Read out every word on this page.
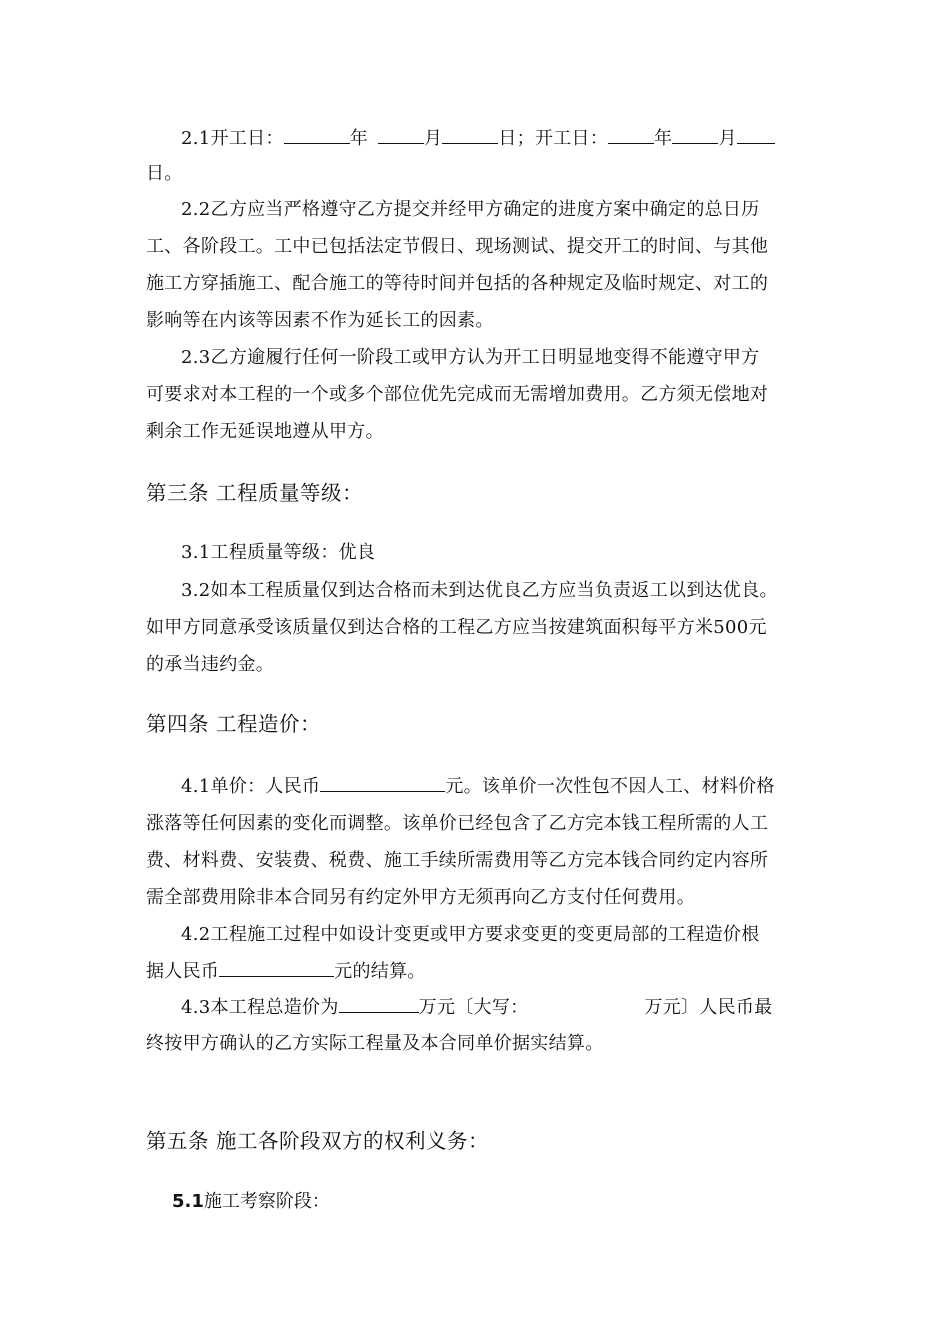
2.1开工日：	年	月	日；开工日：	年	月
日。
2.2乙方应当严格遵守乙方提交并经甲方确定的进度方案中确定的总日历
工、各阶段工。工中已包括法定节假日、现场测试、提交开工的时间、与其他
施工方穿插施工、配合施工的等待时间并包括的各种规定及临时规定、对工的
影响等在内该等因素不作为延长工的因素。
2.3乙方逾履行任何一阶段工或甲方认为开工日明显地变得不能遵守甲方
可要求对本工程的一个或多个部位优先完成而无需增加费用。乙方须无偿地对
剩余工作无延误地遵从甲方。
第三条 工程质量等级：
3.1工程质量等级：优良
3.2如本工程质量仅到达合格而未到达优良乙方应当负责返工以到达优良。
如甲方同意承受该质量仅到达合格的工程乙方应当按建筑面积每平方米500元
的承当违约金。
第四条 工程造价：
4.1单价：人民币	元。该单价一次性包不因人工、材料价格
涨落等任何因素的变化而调整。该单价已经包含了乙方完本钱工程所需的人工
费、材料费、安装费、税费、施工手续所需费用等乙方完本钱合同约定内容所
需全部费用除非本合同另有约定外甲方无须再向乙方支付任何费用。
4.2工程施工过程中如设计变更或甲方要求变更的变更局部的工程造价根
据人民币	元的结算。
4.3本工程总造价为	万元〔大写：	万元〕人民币最
终按甲方确认的乙方实际工程量及本合同单价据实结算。
第五条 施工各阶段双方的权利义务：
5.1施工考察阶段：
